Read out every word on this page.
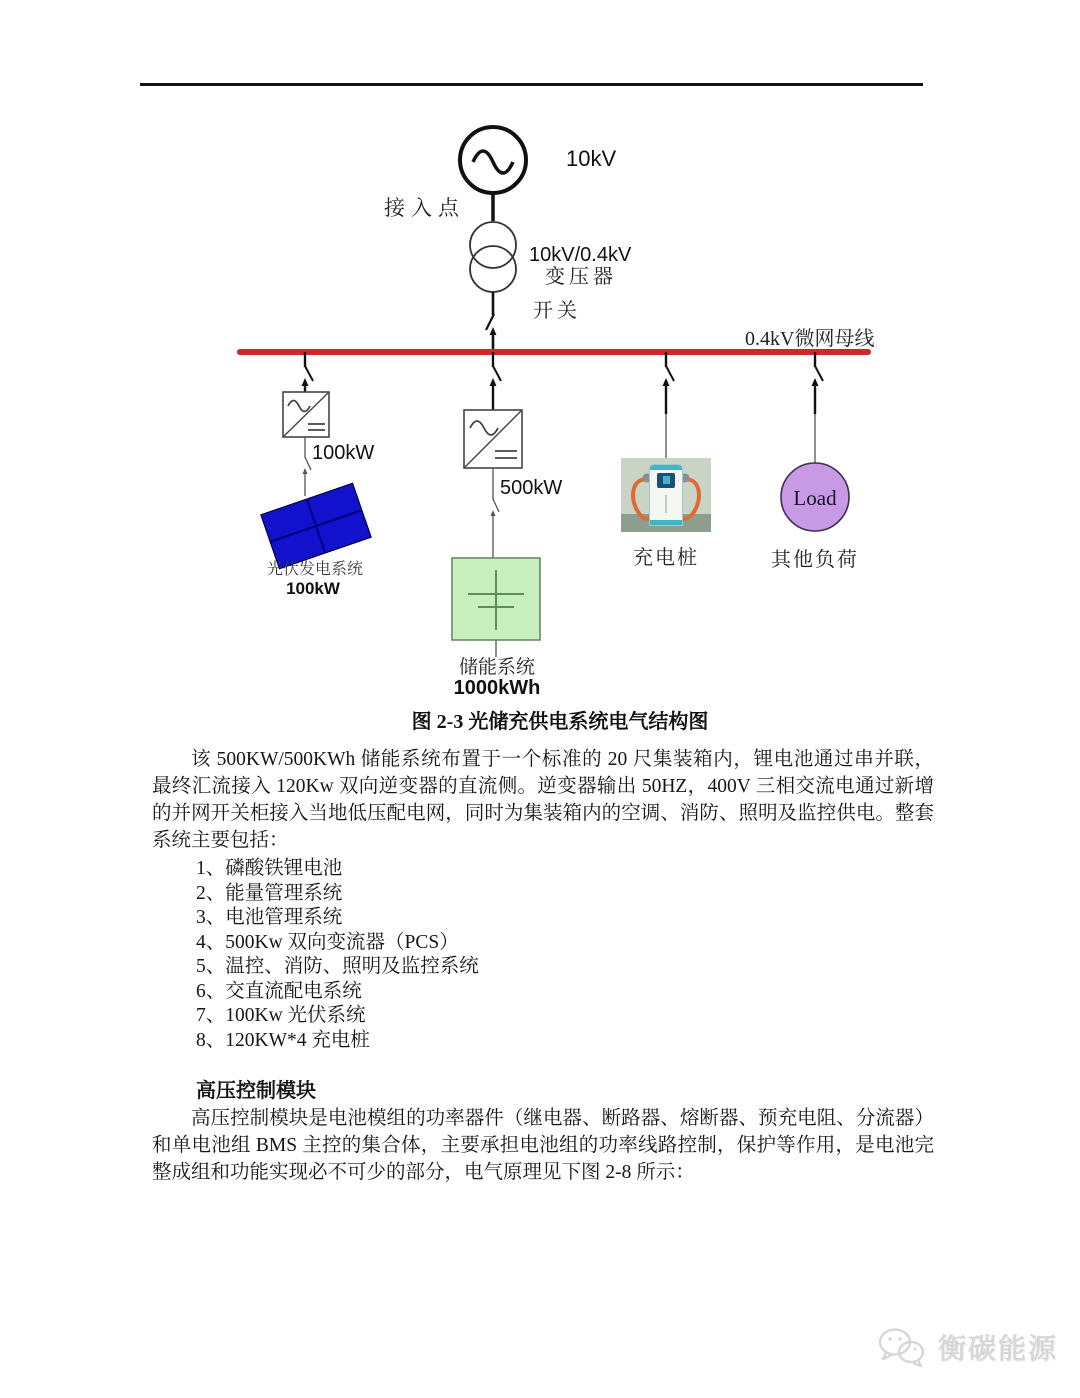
Load
10kV
接入点
10kV/0.4kV
变压器
开关
0.4kV微网母线
100kW
光伏发电系统
100kW
500kW
储能系统
1000kWh
充电桩	其他负荷
图 2-3 光储充供电系统电气结构图

该 500KW/500KWh 储能系统布置于一个标准的 20 尺集装箱内，锂电池通过串并联，最终汇流接入 120Kw 双向逆变器的直流侧。逆变器输出 50HZ，400V 三相交流电通过新增的并网开关柜接入当地低压配电网，同时为集装箱内的空调、消防、照明及监控供电。整套系统主要包括：

1、磷酸铁锂电池
2、能量管理系统
3、电池管理系统
4、500Kw 双向变流器（PCS）
5、温控、消防、照明及监控系统
6、交直流配电系统
7、100Kw 光伏系统
8、120KW*4 充电桩
高压控制模块

高压控制模块是电池模组的功率器件（继电器、断路器、熔断器、预充电阻、分流器）和单电池组 BMS 主控的集合体，主要承担电池组的功率线路控制，保护等作用，是电池完整成组和功能实现必不可少的部分，电气原理见下图 2-8 所示：

衡碳能源
